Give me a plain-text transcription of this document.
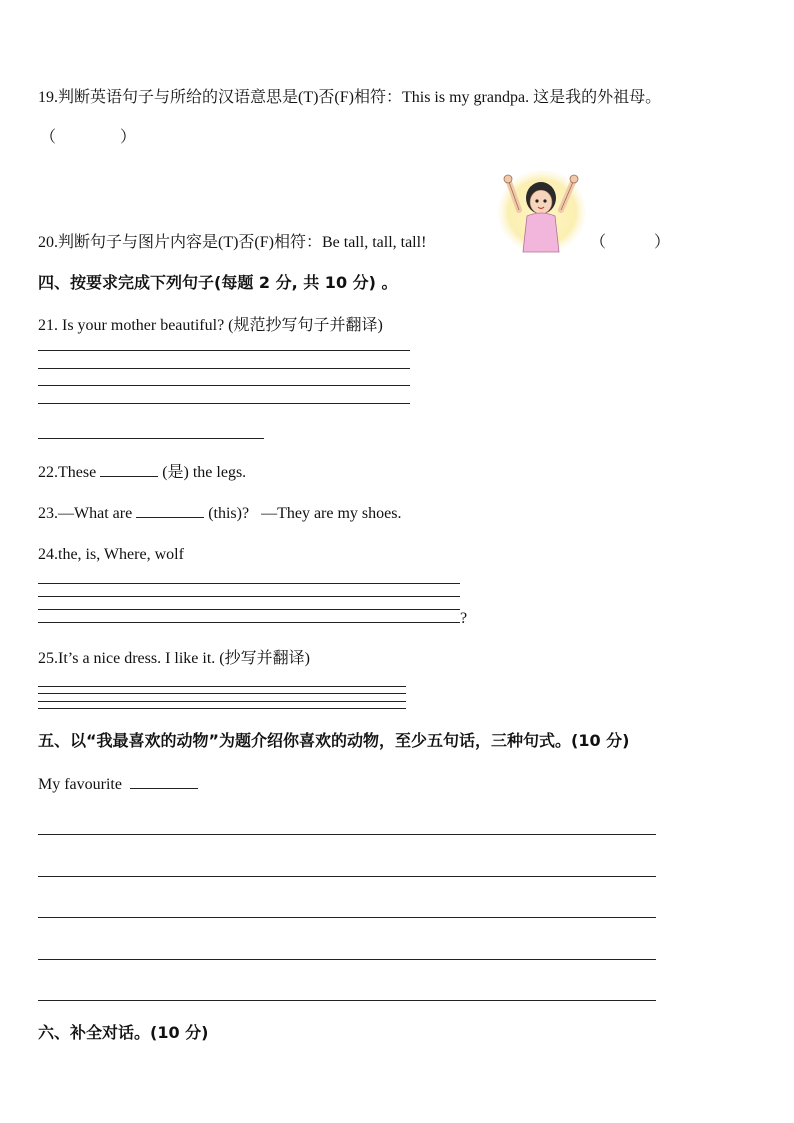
19.判断英语句子与所给的汉语意思是(T)否(F)相符：This is my grandpa. 这是我的外祖母。
（　　　　）
20.判断句子与图片内容是(T)否(F)相符：Be tall, tall, tall!	（　　　）
四、按要求完成下列句子(每题 2 分, 共 10 分) 。
21. Is your mother beautiful? (规范抄写句子并翻译)
22.These	(是) the legs.
23.—What are	(this)?   —They are my shoes.
24.the, is, Where, wolf
?
25.It’s a nice dress. I like it. (抄写并翻译)
五、以“我最喜欢的动物”为题介绍你喜欢的动物，至少五句话，三种句式。(10 分)
My favourite
六、补全对话。(10 分)
